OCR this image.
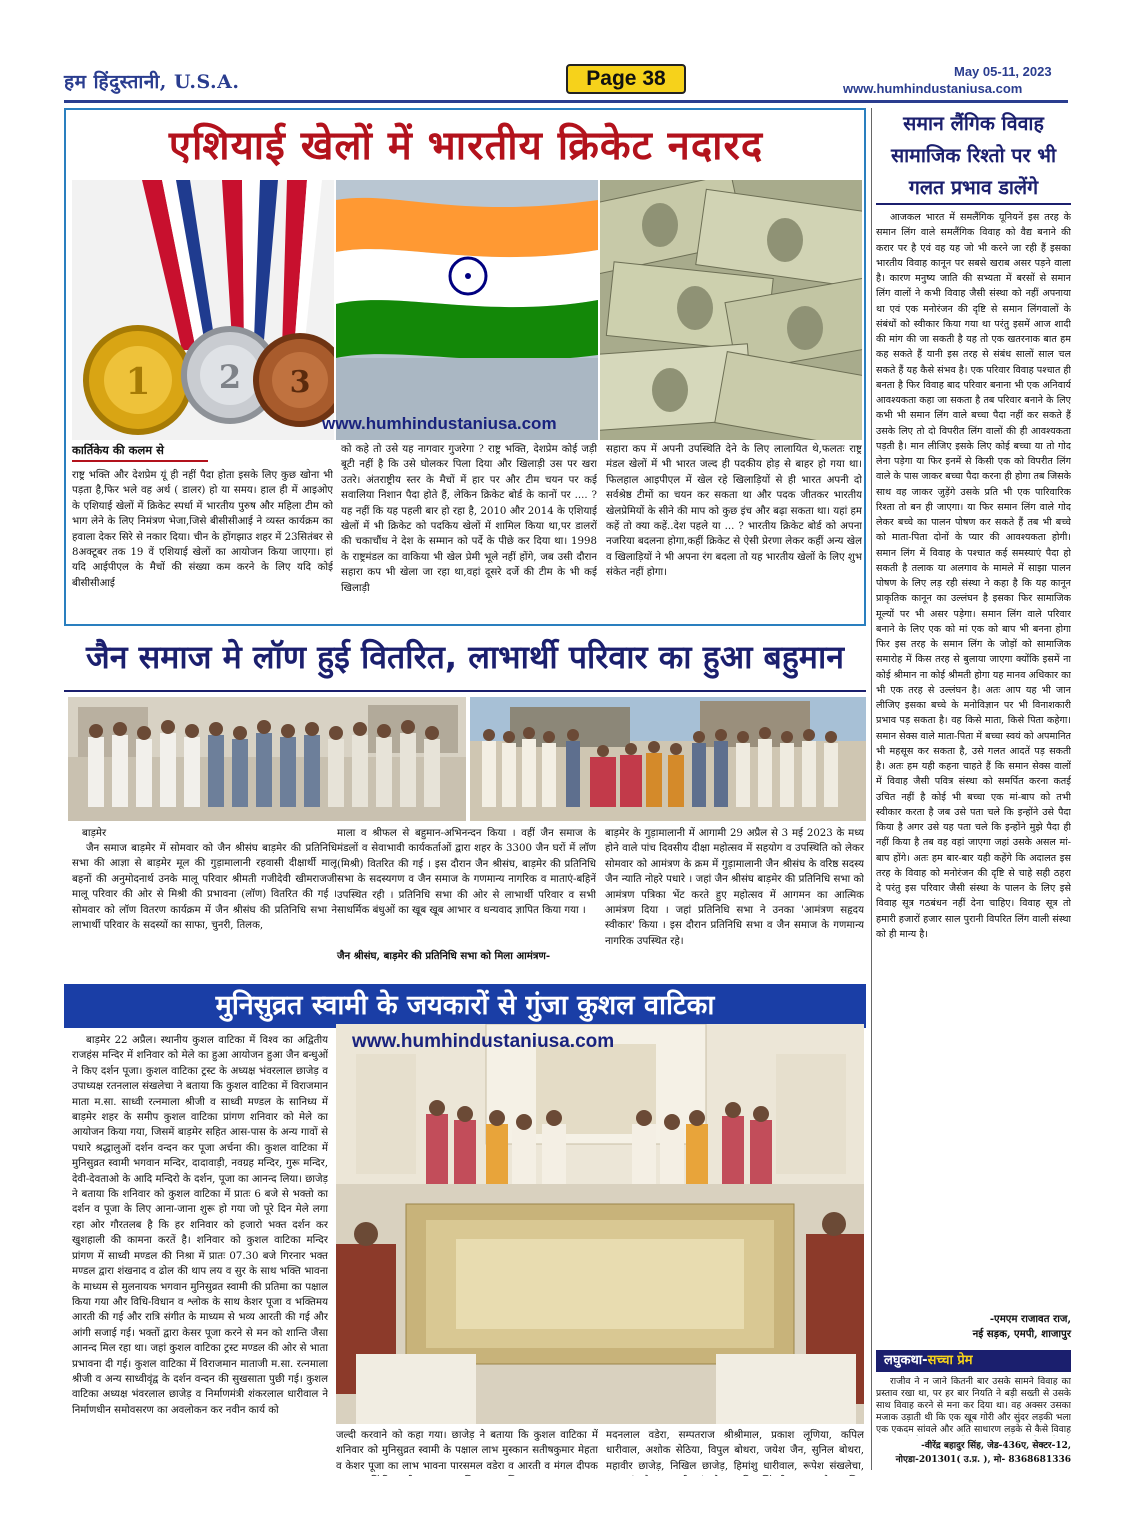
हम हिंदुस्तानी, U.S.A.	Page 38	May 05-11, 2023
www.humhindustaniusa.com
एशियाई खेलों में भारतीय क्रिकेट नदारद
1 2 3
www.humhindustaniusa.com
कार्तिकेय की कलम से
राष्ट्र भक्ति और देशप्रेम यूं ही नहीं पैदा होता इसके लिए कुछ खोना भी पड़ता है,फिर भले वह अर्थ ( डालर) हो या समय। हाल ही में आइओए के एशियाई खेलों में क्रिकेट स्पर्धा में भारतीय पुरुष और महिला टीम को भाग लेने के लिए निमंत्रण भेजा,जिसे बीसीसीआई ने व्यस्त कार्यक्रम का हवाला देकर सिरे से नकार दिया। चीन के होंगझाउ शहर में 23सितंबर से 8अक्टूबर तक 19 वें एशियाई खेलों का आयोजन किया जाएगा। हां यदि आईपीएल के मैचों की संख्या कम करने के लिए यदि कोई बीसीसीआई
को कहे तो उसे यह नागवार गुजरेगा ? राष्ट्र भक्ति, देशप्रेम कोई जड़ी बूटी नहीं है कि उसे घोलकर पिला दिया और खिलाड़ी उस पर खरा उतरे। अंतराष्ट्रीय स्तर के मैचों में हार पर और टीम चयन पर कई सवालिया निशान पैदा होते हैं, लेकिन क्रिकेट बोर्ड के कानों पर .... ? यह नहीं कि यह पहली बार हो रहा है, 2010 और 2014 के एशियाई खेलों में भी क्रिकेट को पदकिय खेलों में शामिल किया था,पर डालरों की चकाचौंध ने देश के सम्मान को पर्दे के पीछे कर दिया था। 1998 के राष्ट्रमंडल का वाकिया भी खेल प्रेमी भूले नहीं होंगे, जब उसी दौरान सहारा कप भी खेला जा रहा था,वहां दूसरे दर्जे की टीम के भी कई खिलाड़ी
सहारा कप में अपनी उपस्थिति देने के लिए लालायित थे,फलतः राष्ट्र मंडल खेलों में भी भारत जल्द ही पदकीय होड़ से बाहर हो गया था। फिलहाल आइपीएल में खेल रहे खिलाड़ियों से ही भारत अपनी दो सर्वश्रेष्ठ टीमों का चयन कर सकता था और पदक जीतकर भारतीय खेलप्रेमियों के सीने की माप को कुछ इंच और बढ़ा सकता था। यहां हम कहें तो क्या कहें..देश पहले या ... ? भारतीय क्रिकेट बोर्ड को अपना नजरिया बदलना होगा,कहीं क्रिकेट से ऐसी प्रेरणा लेकर कहीं अन्य खेल व खिलाड़ियों ने भी अपना रंग बदला तो यह भारतीय खेलों के लिए शुभ संकेत नहीं होगा।
जैन समाज मे लॉण हुई वितरित, लाभार्थी परिवार का हुआ बहुमान
बाड़मेर
जैन समाज बाड़मेर में सोमवार को जैन श्रीसंघ बाड़मेर की प्रतिनिधि सभा की आज्ञा से बाड़मेर मूल की गुड़ामालानी रहवासी दीक्षार्थी मालू बहनों की अनुमोदनार्थ उनके मालू परिवार श्रीमती गजीदेवी खीमराजजी मालू परिवार की ओर से मिश्री की प्रभावना (लॉण) वितरित की गई । सोमवार को लॉण वितरण कार्यक्रम में जैन श्रीसंघ की प्रतिनिधि सभा ने लाभार्थी परिवार के सदस्यों का साफा, चुनरी, तिलक,
माला व श्रीफल से बहुमान-अभिनन्दन किया । वहीं जैन समाज के मंडलों व सेवाभावी कार्यकर्ताओं द्वारा शहर के 3300 जैन घरों में लॉण (मिश्री) वितरित की गई । इस दौरान जैन श्रीसंघ, बाड़मेर की प्रतिनिधि सभा के सदस्यगण व जैन समाज के गणमान्य नागरिक व माताएं-बहिनें उपस्थित रही । प्रतिनिधि सभा की ओर से लाभार्थी परिवार व सभी साधर्मिक बंधुओं का खूब खूब आभार व धन्यवाद ज्ञापित किया गया ।
जैन श्रीसंघ, बाड़मेर की प्रतिनिधि सभा को मिला आमंत्रण-
बाड़मेर के गुड़ामालानी में आगामी 29 अप्रैल से 3 मई 2023 के मध्य होने वाले पांच दिवसीय दीक्षा महोत्सव में सहयोग व उपस्थिति को लेकर सोमवार को आमंत्रण के क्रम में गुड़ामालानी जैन श्रीसंघ के वरिष्ठ सदस्य जैन न्याति नोहरे पधारे । जहां जैन श्रीसंघ बाड़मेर की प्रतिनिधि सभा को आमंत्रण पत्रिका भेंट करते हुए महोत्सव में आगमन का आत्मिक आमंत्रण दिया । जहां प्रतिनिधि सभा ने उनका 'आमंत्रण सहृदय स्वीकार' किया । इस दौरान प्रतिनिधि सभा व जैन समाज के गणमान्य नागरिक उपस्थित रहे।
मुनिसुव्रत स्वामी के जयकारों से गुंजा कुशल वाटिका
www.humhindustaniusa.com
बाड़मेर 22 अप्रैल। स्थानीय कुशल वाटिका में विश्व का अद्वितीय राजहंस मन्दिर में शनिवार को मेले का हुआ आयोजन हुआ जैन बन्धुओं ने किए दर्शन पूजा। कुशल वाटिका ट्रस्ट के अध्यक्ष भंवरलाल छाजेड़ व उपाध्यक्ष रतनलाल संखलेचा ने बताया कि कुशल वाटिका में विराजमान माता म.सा. साध्वी रत्नमाला श्रीजी व साध्वी मण्डल के सानिध्य में बाड़मेर शहर के समीप कुशल वाटिका प्रांगण शनिवार को मेले का आयोजन किया गया, जिसमें बाड़मेर सहित आस-पास के अन्य गावों से पधारे श्रद्धालुओं दर्शन वन्दन कर पूजा अर्चना की। कुशल वाटिका में मुनिसुव्रत स्वामी भगवान मन्दिर, दादावाड़ी, नवग्रह मन्दिर, गुरू मन्दिर, देवी-देवताओ के आदि मन्दिरो के दर्शन, पूजा का आनन्द लिया। छाजेड़ ने बताया कि शनिवार को कुशल वाटिका में प्रातः 6 बजे से भक्तो का दर्शन व पूजा के लिए आना-जाना शुरू हो गया जो पूरे दिन मेले लगा रहा ओर गौरतलब है कि हर शनिवार को हजारो भक्त दर्शन कर खुशहाली की कामना करतें है। शनिवार को कुशल वाटिका मन्दिर प्रांगण में साध्वी मण्डल की निश्रा में प्रातः 07.30 बजे गिरनार भक्त मण्डल द्वारा शंखनाद व ढोल की थाप लय व सुर के साथ भक्ति भावना के माध्यम से मुलनायक भगवान मुनिसुव्रत स्वामी की प्रतिमा का पक्षाल किया गया और विधि-विधान व श्लोक के साथ केशर पूजा व भक्तिमय आरती की गई और रात्रि संगीत के माध्यम से भव्य आरती की गई और आंगी सजाई गई। भक्तों द्वारा केसर पूजा करने से मन को शान्ति जैसा आनन्द मिल रहा था। जहां कुशल वाटिका ट्रस्ट मण्डल की ओर से भाता प्रभावना दी गई। कुशल वाटिका में विराजमान माताजी म.सा. रत्नमाला श्रीजी व अन्य साध्वीवृंद्व के दर्शन वन्दन की सुखसाता पुछी गई। कुशल वाटिका अध्यक्ष भंवरलाल छाजेड़ व निर्माणमंत्री शंकरलाल धारीवाल ने निर्माणधीन समोवसरण का अवलोकन कर नवीन कार्य को
जल्दी करवाने को कहा गया। छाजेड़ ने बताया कि कुशल वाटिका में शनिवार को मुनिसुव्रत स्वामी के पक्षाल लाभ मुस्कान सतीषकुमार मेहता व केशर पूजा का लाभ भावना पारसमल वडेरा व आरती व मंगल दीपक
मदनलाल वडेरा, सम्पतराज श्रीश्रीमाल, प्रकाश लूणिया, कपिल धारीवाल, अशोक सेठिया, विपुल बोथरा, जयेश जैन, सुनिल बोथरा, महावीर छाजेड़, निखिल छाजेड़, हिमांशु धारीवाल, रूपेश संखलेचा,
समान लैंगिक विवाह सामाजिक रिश्तो पर भी गलत प्रभाव डालेंगे
आजकल भारत में समलैंगिक यूनियनें इस तरह के समान लिंग वाले समलैंगिक विवाह को वैद्य बनाने की करार पर है एवं वह यह जो भी करने जा रही हैं इसका भारतीय विवाह कानून पर सबसे खराब असर पड़ने वाला है। कारण मनुष्य जाति की सभ्यता में बरसों से समान लिंग वालों ने कभी विवाह जैसी संस्था को नहीं अपनाया था एवं एक मनोरंजन की दृष्टि से समान लिंगवालों के संबंधों को स्वीकार किया गया था परंतु इसमें आज शादी की मांग की जा सकती है यह तो एक खतरनाक बात हम कह सकते हैं यानी इस तरह से संबंध सालों साल चल सकते हैं यह कैसे संभव है। एक परिवार विवाह पश्चात ही बनता है फिर विवाह बाद परिवार बनाना भी एक अनिवार्य आवश्यकता कहा जा सकता है तब परिवार बनाने के लिए कभी भी समान लिंग वाले बच्चा पैदा नहीं कर सकते हैं उसके लिए तो दो विपरीत लिंग वालों की ही आवश्यकता पड़ती है। मान लीजिए इसके लिए कोई बच्चा या तो गोद लेना पड़ेगा या फिर इनमें से किसी एक को विपरीत लिंग वाले के पास जाकर बच्चा पैदा करना ही होगा तब जिसके साथ वह जाकर जुड़ेंगे उसके प्रति भी एक पारिवारिक रिश्ता तो बन ही जाएगा। या फिर समान लिंग वाले गोद लेकर बच्चे का पालन पोषण कर सकते हैं तब भी बच्चे को माता-पिता दोनों के प्यार की आवश्यकता होगी। समान लिंग में विवाह के पश्चात कई समस्याएं पैदा हो सकती है तलाक या अलगाव के मामले में साझा पालन पोषण के लिए लड़ रही संस्था ने कहा है कि यह कानून प्राकृतिक कानून का उल्लंघन है इसका फिर सामाजिक मूल्यों पर भी असर पड़ेगा। समान लिंग वाले परिवार बनाने के लिए एक को मां एक को बाप भी बनना होगा फिर इस तरह के समान लिंग के जोड़ों को सामाजिक समारोह में किस तरह से बुलाया जाएगा क्योंकि इसमें ना कोई श्रीमान ना कोई श्रीमती होगा यह मानव अधिकार का भी एक तरह से उल्लंघन है। अतः आप यह भी जान लीजिए इसका बच्चे के मनोविज्ञान पर भी विनाशकारी प्रभाव पड़ सकता है। वह किसे माता, किसे पिता कहेगा। समान सेक्स वाले माता-पिता में बच्चा स्वयं को अपमानित भी महसूस कर सकता है, उसे गलत आदतें पड़ सकती है। अतः हम यही कहना चाहते हैं कि समान सेक्स वालों में विवाह जैसी पवित्र संस्था को समर्पित करना कतई उचित नहीं है कोई भी बच्चा एक मां-बाप को तभी स्वीकार करता है जब उसे पता चले कि इन्होंने उसे पैदा किया है अगर उसे यह पता चले कि इन्होंने मुझे पैदा ही नहीं किया है तब वह वहां जाएगा जहां उसके असल मां-बाप होंगे। अतः हम बार-बार यही कहेंगे कि अदालत इस तरह के विवाह को मनोरंजन की दृष्टि से चाहे सही ठहरा दे परंतु इस परिवार जैसी संस्था के पालन के लिए इसे विवाह सूत्र गठबंधन नहीं देना चाहिए। विवाह सूत्र तो हमारी हजारों हजार साल पुरानी विपरित लिंग वाली संस्था को ही मान्य है।
-एमएम राजावत राज,
नई सड़क, एमपी, शाजापुर
लघुकथा-सच्चा प्रेम
राजीव ने न जाने कितनी बार उसके सामने विवाह का प्रस्ताव रखा था, पर हर बार नियति ने बड़ी सख्ती से उसके साथ विवाह करने से मना कर दिया था। वह अक्सर उसका मजाक उड़ाती थी कि एक खूब गोरी और सुंदर लड़की भला एक एकदम सांवले और अति साधारण लड़के से कैसे विवाह
-वीरेंद्र बहादुर सिंह, जेड-436ए, सेक्टर-12,
नोएडा-201301( उ.प्र. ), मो- 8368681336
